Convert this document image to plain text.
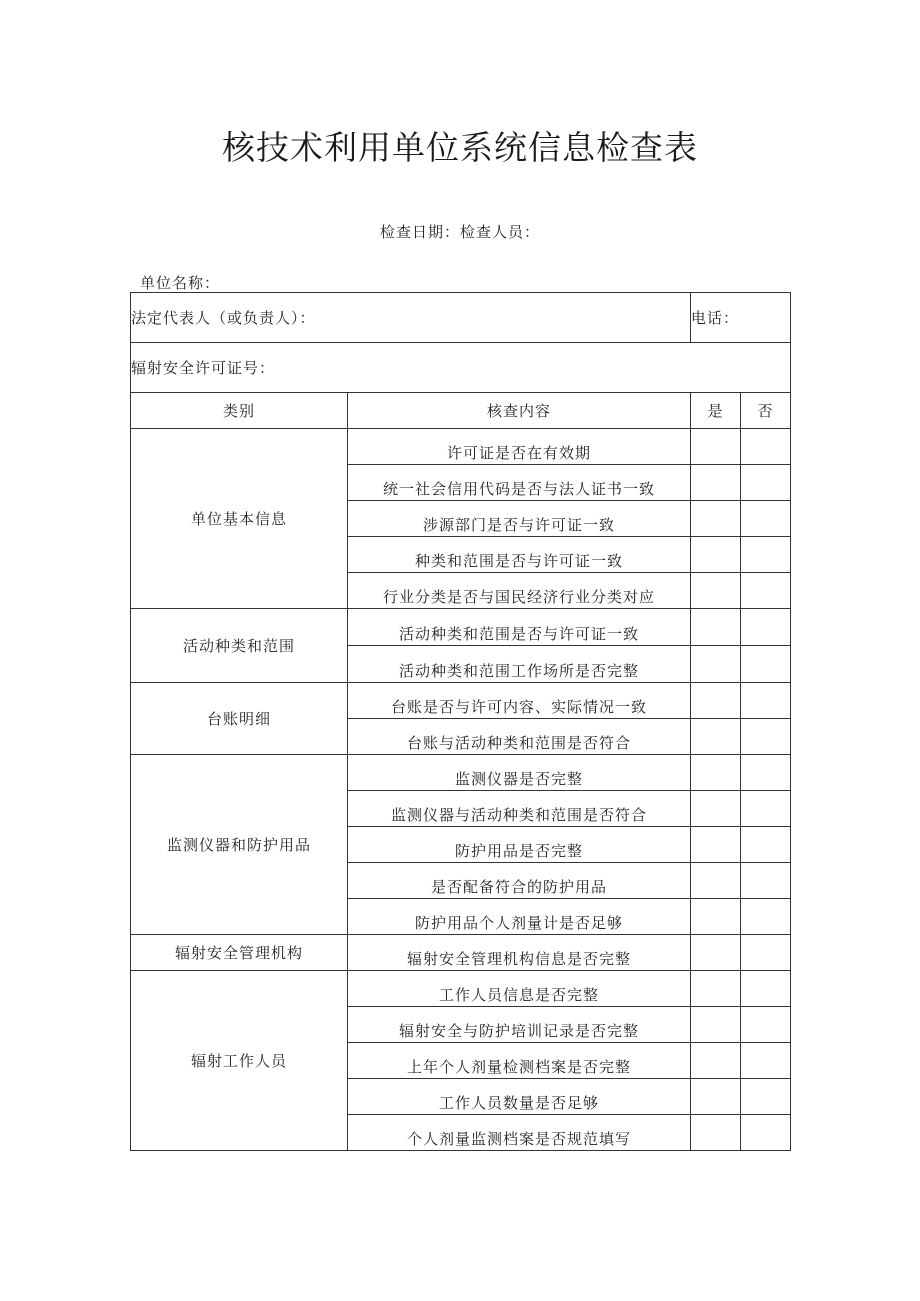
核技术利用单位系统信息检查表
检查日期：检查人员：
单位名称：
法定代表人（或负责人）：		电话：	
辐射安全许可证号：			
类别	核查内容	是	否
单位基本信息	许可证是否在有效期		
	统一社会信用代码是否与法人证书一致		
	涉源部门是否与许可证一致		
	种类和范围是否与许可证一致		
	行业分类是否与国民经济行业分类对应		
活动种类和范围	活动种类和范围是否与许可证一致		
	活动种类和范围工作场所是否完整		
台账明细	台账是否与许可内容、实际情况一致		
	台账与活动种类和范围是否符合		
监测仪器和防护用品	监测仪器是否完整		
	监测仪器与活动种类和范围是否符合		
	防护用品是否完整		
	是否配备符合的防护用品		
	防护用品个人剂量计是否足够		
辐射安全管理机构	辐射安全管理机构信息是否完整		
辐射工作人员	工作人员信息是否完整		
	辐射安全与防护培训记录是否完整		
	上年个人剂量检测档案是否完整		
	工作人员数量是否足够		
	个人剂量监测档案是否规范填写		
